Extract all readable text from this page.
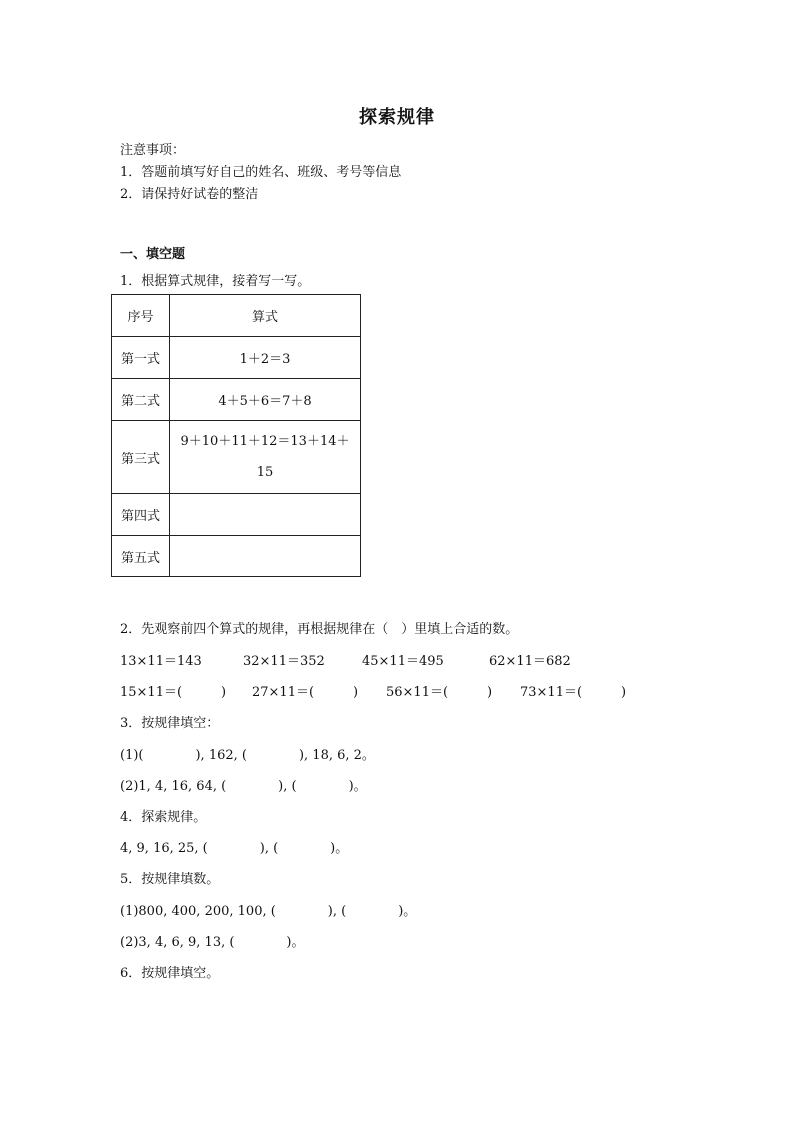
探索规律
注意事项：
1．答题前填写好自己的姓名、班级、考号等信息
2．请保持好试卷的整洁
一、填空题
1．根据算式规律，接着写一写。
序号	算式
第一式	1＋2＝3
第二式	4＋5＋6＝7＋8
第三式	9＋10＋11＋12＝13＋14＋
15
第四式	
第五式	
2．先观察前四个算式的规律，再根据规律在（　）里填上合适的数。
13×11＝143	32×11＝352	45×11＝495	62×11＝682
15×11＝(　　　) 27×11＝(　　　) 56×11＝(　　　) 73×11＝(　　　)
3．按规律填空：
(1)(　　　　), 162, (　　　　), 18, 6, 2。
(2)1, 4, 16, 64, (　　　　), (　　　　)。
4．探索规律。
4, 9, 16, 25, (　　　　), (　　　　)。
5．按规律填数。
(1)800, 400, 200, 100, (　　　　), (　　　　)。
(2)3, 4, 6, 9, 13, (　　　　)。
6．按规律填空。
